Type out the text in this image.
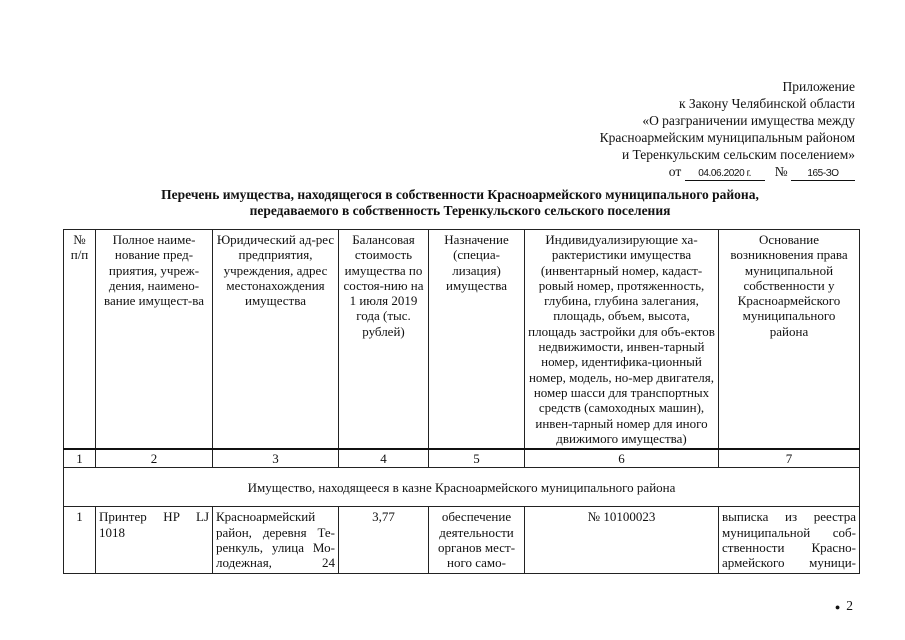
Приложение
к Закону Челябинской области
«О разграничении имущества между
Красноармейским муниципальным районом
и Теренкульским сельским поселением»
от 04.06.2020 г. № 165-ЗО
Перечень имущества, находящегося в собственности Красноармейского муниципального района,
передаваемого в собственность Теренкульского сельского поселения
№ п/п	Полное наиме-нование пред-приятия, учреж-дения, наимено-вание имущест-ва	Юридический ад-рес предприятия, учреждения, адрес местонахождения имущества	Балансовая стоимость имущества по состоя-нию на 1 июля 2019 года (тыс. рублей)	Назначение (специа-лизация) имущества	Индивидуализирующие ха-рактеристики имущества (инвентарный номер, кадаст-ровый номер, протяженность, глубина, глубина залегания, площадь, объем, высота, площадь застройки для объ-ектов недвижимости, инвен-тарный номер, идентифика-ционный номер, модель, но-мер двигателя, номер шасси для транспортных средств (самоходных машин), инвен-тарный номер для иного движимого имущества)	Основание возникновения права муниципальной собственности у Красноармейского муниципального района
1	2	3	4	5	6	7
Имущество, находящееся в казне Красноармейского муниципального района						
1	Принтер HP LJ 1018	Красноармейский район, деревня Те-ренкуль, улица Мо-лодежная, 24	3,77	обеспечение деятельности органов мест-ного само-	№ 10100023	выписка из реестра муниципальной соб-ственности Красно-армейского муници-
● 2
